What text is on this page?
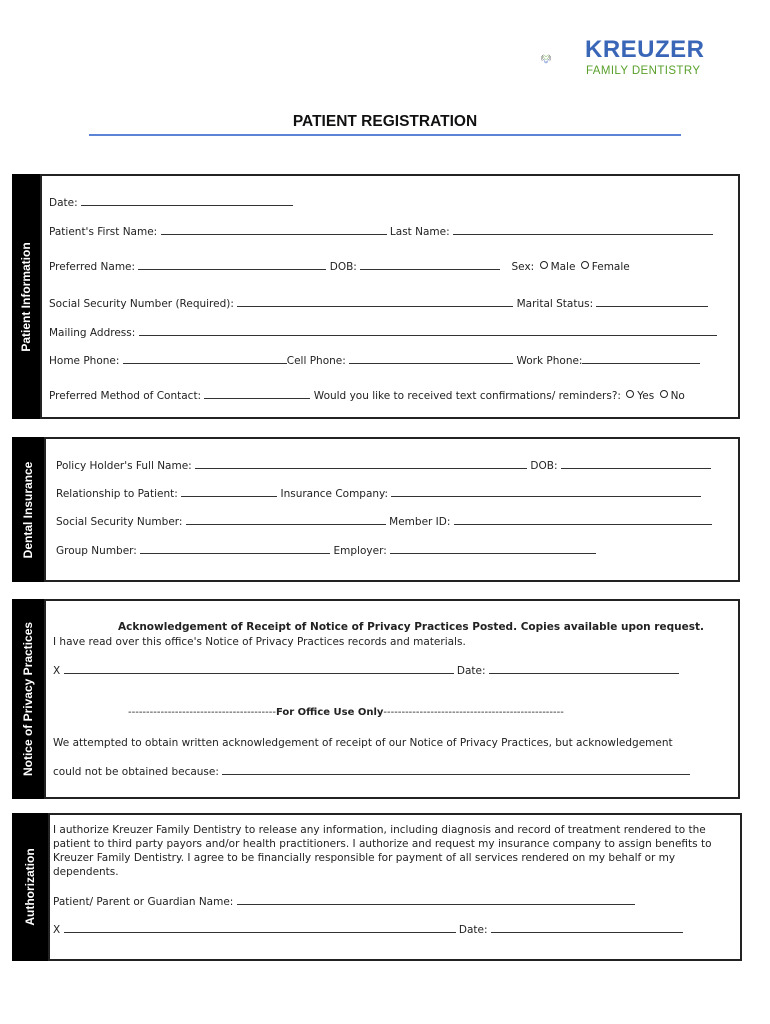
KREUZER
FAMILY DENTISTRY
PATIENT REGISTRATION
Patient Information
Date:
Patient's First Name:	Last Name:
Preferred Name:	DOB:	Sex: Male Female
Social Security Number (Required):	Marital Status:
Mailing Address:
Home Phone:	Cell Phone:	Work Phone:
Preferred Method of Contact:	Would you like to received text confirmations/ reminders?: Yes No
Dental Insurance Policy Holder's Full Name:	DOB:
Relationship to Patient:	Insurance Company:
Social Security Number:	Member ID:
Group Number:	Employer:
Notice of Privacy Practices	Acknowledgement of Receipt of Notice of Privacy Practices Posted. Copies available upon request.
I have read over this office's Notice of Privacy Practices records and materials.
X	Date:
-----------------------------------------For Office Use Only--------------------------------------------------
We attempted to obtain written acknowledgement of receipt of our Notice of Privacy Practices, but acknowledgement
could not be obtained because:
Authorization
I authorize Kreuzer Family Dentistry to release any information, including diagnosis and record of treatment rendered to the patient to third party payors and/or health practitioners. I authorize and request my insurance company to assign benefits to Kreuzer Family Dentistry. I agree to be financially responsible for payment of all services rendered on my behalf or my dependents.
Patient/ Parent or Guardian Name:
X	Date:
